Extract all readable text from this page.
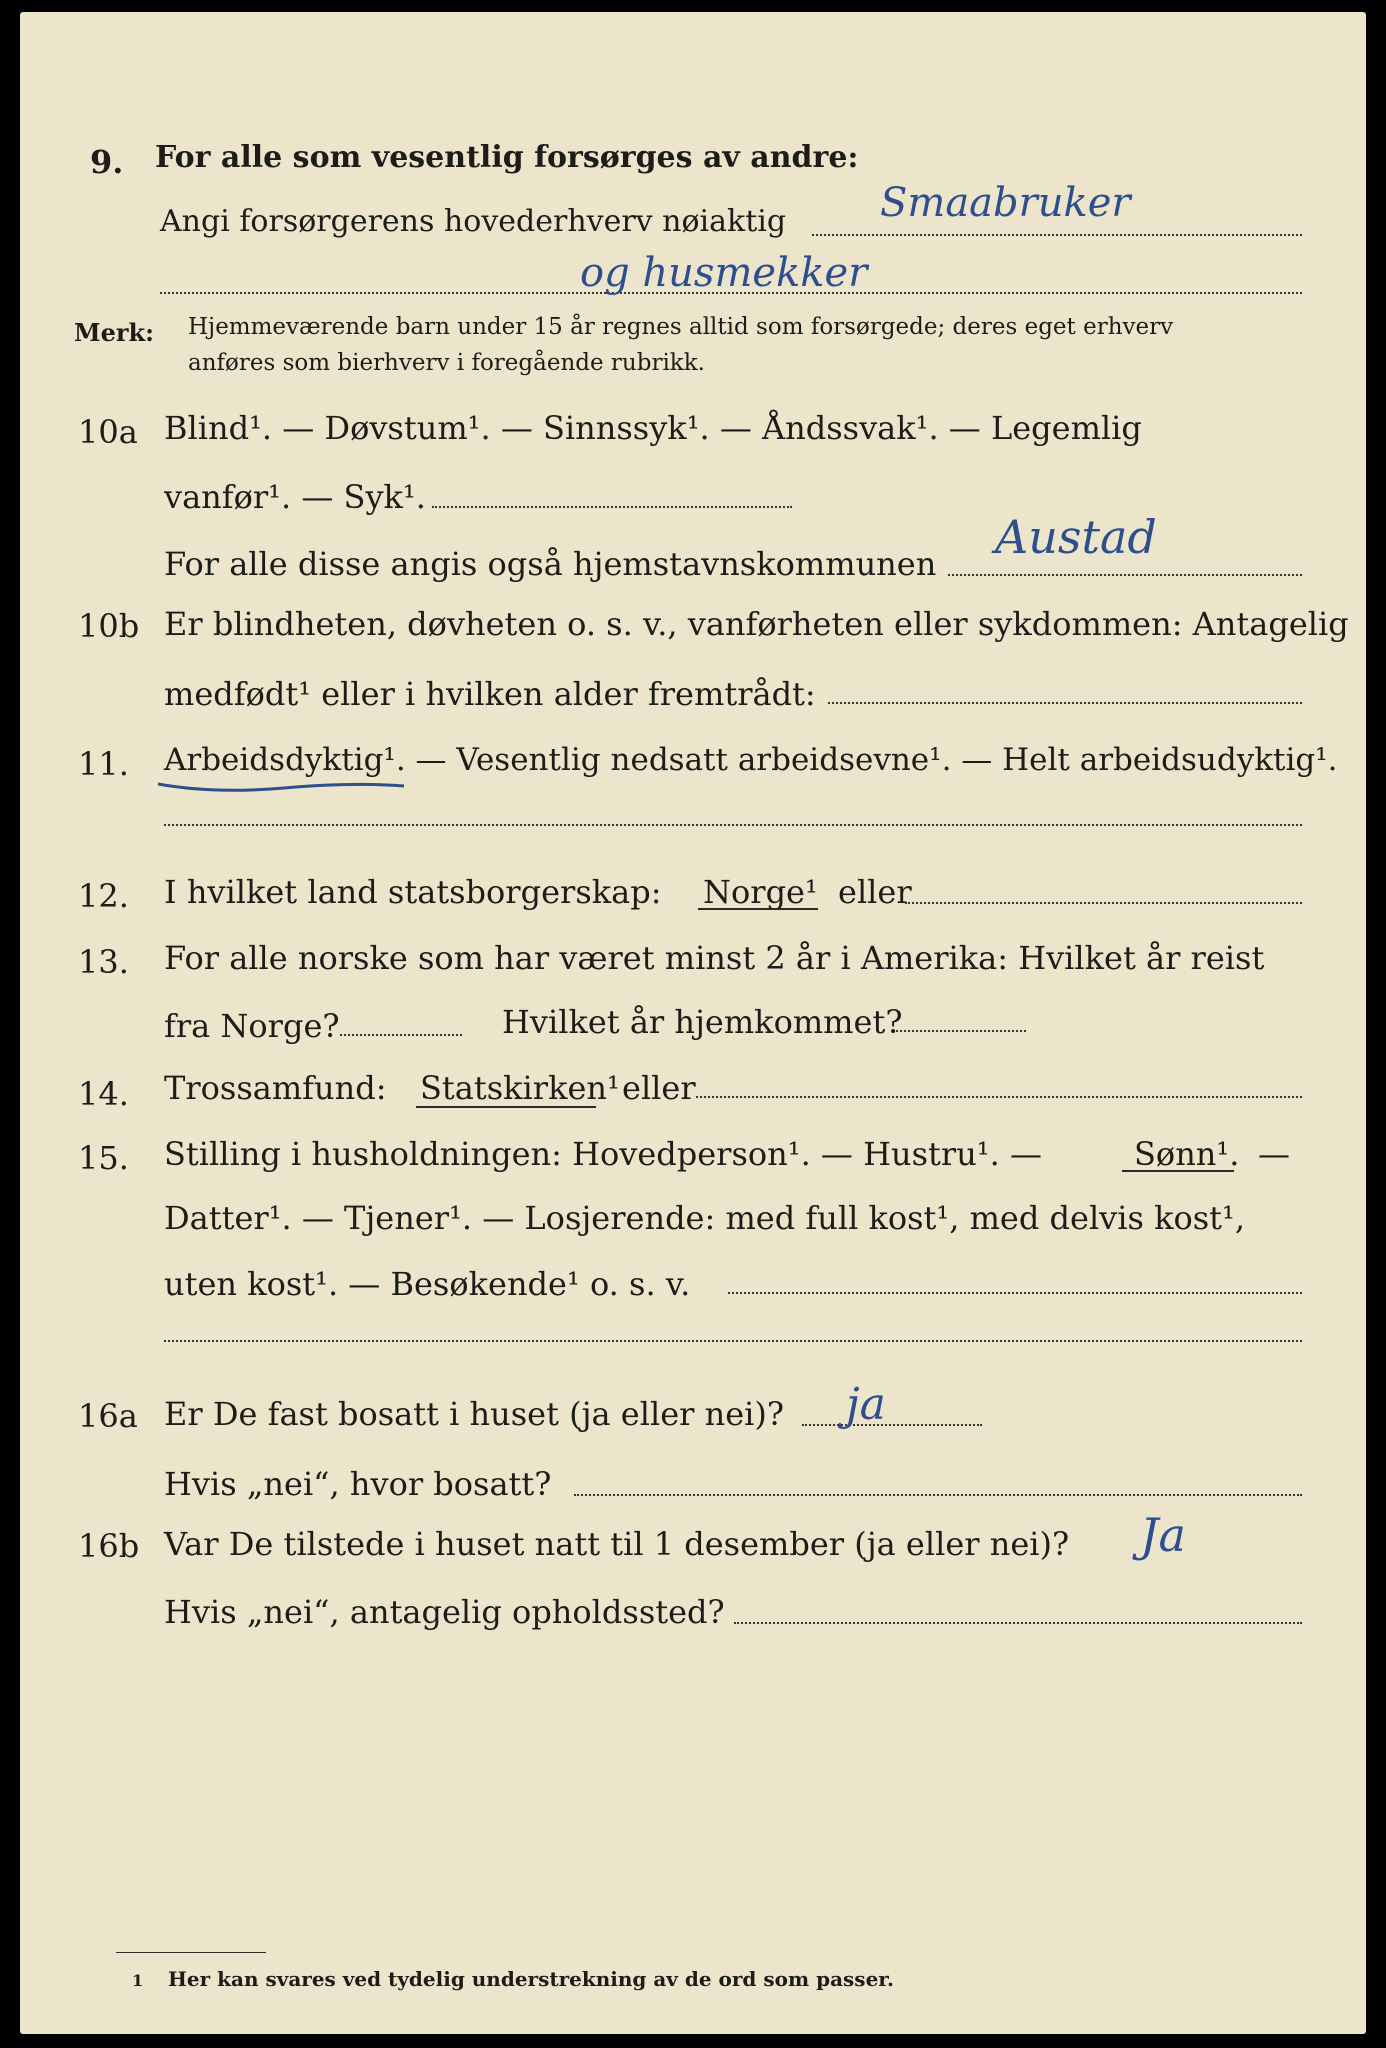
9. For alle som vesentlig forsørges av andre:
Angi forsørgerens hovederhverv nøiaktig Smaabruker
og husmekker
Merk: Hjemmeværende barn under 15 år regnes alltid som forsørgede; deres eget erhverv
anføres som bierhverv i foregående rubrikk.
10a Blind¹. — Døvstum¹. — Sinnssyk¹. — Åndssvak¹. — Legemlig
vanfør¹. — Syk¹.
For alle disse angis også hjemstavnskommunen Austad
10b Er blindheten, døvheten o. s. v., vanførheten eller sykdommen: Antagelig
medfødt¹ eller i hvilken alder fremtrådt:
11. Arbeidsdyktig¹. — Vesentlig nedsatt arbeidsevne¹. — Helt arbeidsudyktig¹.
12. I hvilket land statsborgerskap: Norge¹ eller
13. For alle norske som har været minst 2 år i Amerika: Hvilket år reist
fra Norge?	Hvilket år hjemkommet?
14. Trossamfund: Statskirken¹ eller
15. Stilling i husholdningen: Hovedperson¹. — Hustru¹. —	Sønn¹. —
Datter¹. — Tjener¹. — Losjerende: med full kost¹, med delvis kost¹,
uten kost¹. — Besøkende¹ o. s. v.
16a Er De fast bosatt i huset (ja eller nei)? ja
Hvis „nei“, hvor bosatt?
16b Var De tilstede i huset natt til 1 desember (ja eller nei)? Ja
Hvis „nei“, antagelig opholdssted?
1 Her kan svares ved tydelig understrekning av de ord som passer.
